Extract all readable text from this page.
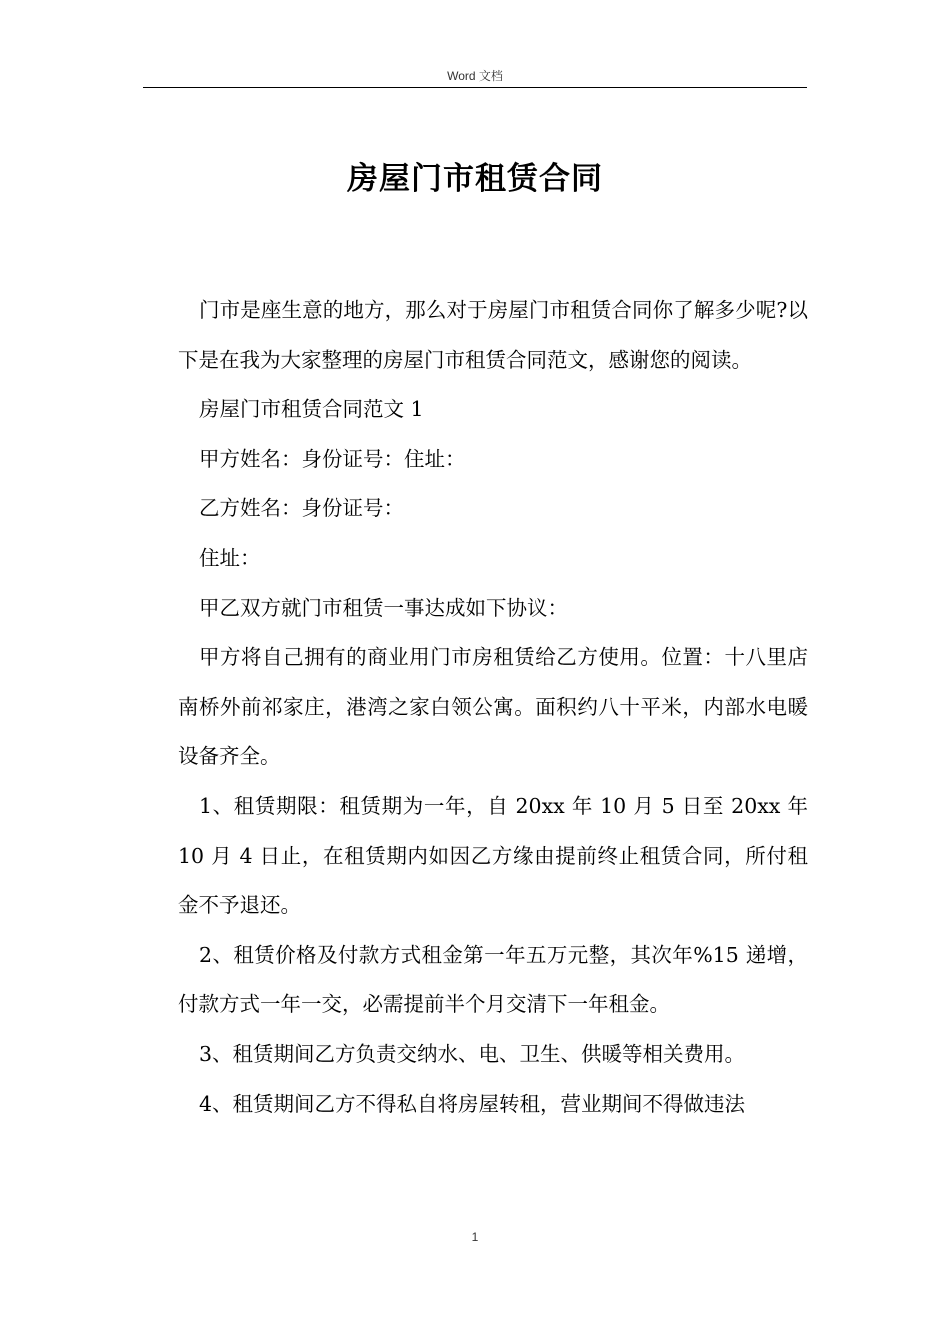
Word 文档
房屋门市租赁合同

门市是座生意的地方，那么对于房屋门市租赁合同你了解多少呢?以下是在我为大家整理的房屋门市租赁合同范文，感谢您的阅读。

房屋门市租赁合同范文 1

甲方姓名：身份证号：住址：

乙方姓名：身份证号：

住址：

甲乙双方就门市租赁一事达成如下协议：

甲方将自己拥有的商业用门市房租赁给乙方使用。位置：十八里店南桥外前祁家庄，港湾之家白领公寓。面积约八十平米，内部水电暖设备齐全。

1、租赁期限：租赁期为一年，自 20xx 年 10 月 5 日至 20xx 年 10 月 4 日止，在租赁期内如因乙方缘由提前终止租赁合同，所付租金不予退还。

2、租赁价格及付款方式租金第一年五万元整，其次年%15 递增，付款方式一年一交，必需提前半个月交清下一年租金。

3、租赁期间乙方负责交纳水、电、卫生、供暖等相关费用。

4、租赁期间乙方不得私自将房屋转租，营业期间不得做违法

1
